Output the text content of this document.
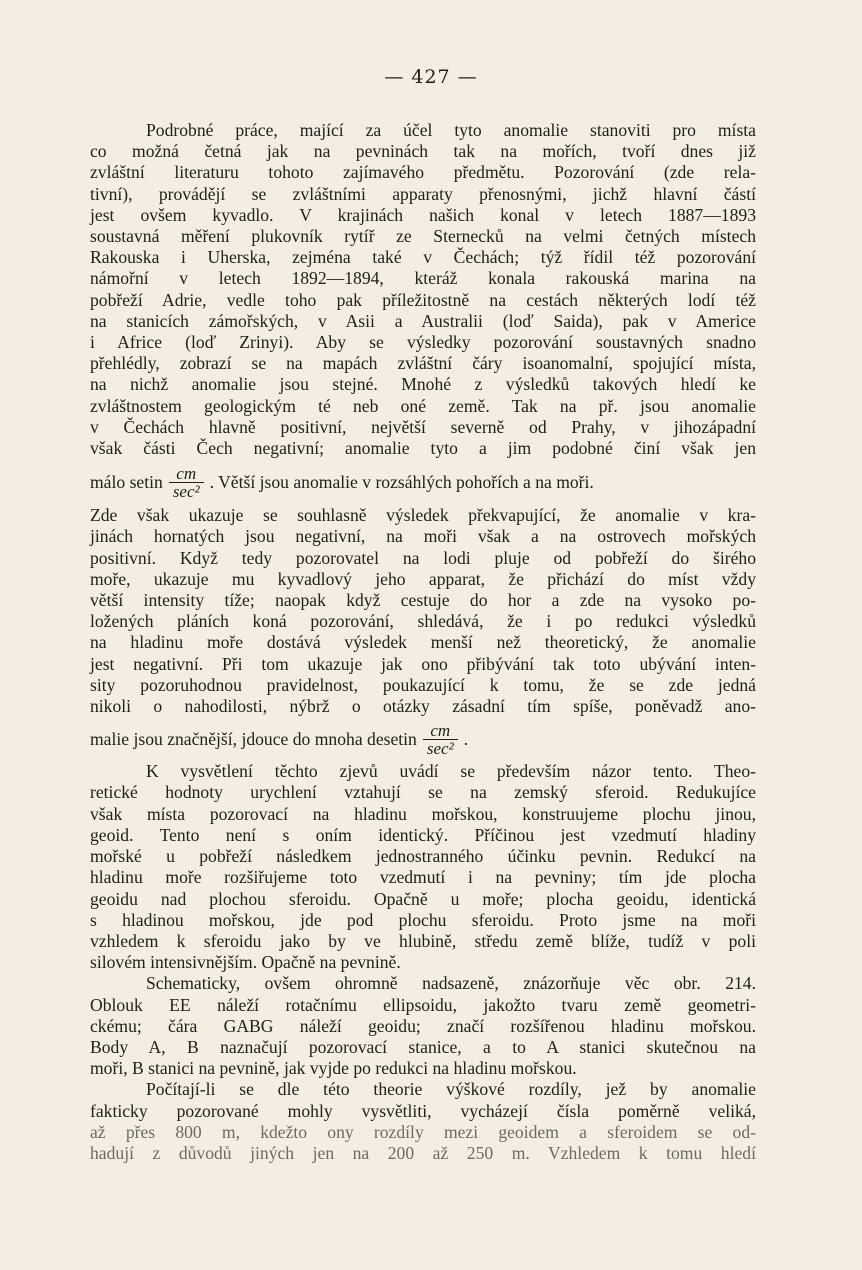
— 427 —
Podrobné práce, mající za účel tyto anomalie stanoviti pro místa
co možná četná jak na pevninách tak na mořích, tvoří dnes již
zvláštní literaturu tohoto zajímavého předmětu. Pozorování (zde rela-
tivní), provádějí se zvláštními apparaty přenosnými, jichž hlavní částí
jest ovšem kyvadlo. V krajinách našich konal v letech 1887—1893
soustavná měření plukovník rytíř ze Sternecků na velmi četných místech
Rakouska i Uherska, zejména také v Čechách; týž řídil též pozorování
námořní v letech 1892—1894, kteráž konala rakouská marina na
pobřeží Adrie, vedle toho pak příležitostně na cestách některých lodí též
na stanicích zámořských, v Asii a Australii (loď Saida), pak v Americe
i Africe (loď Zrinyi). Aby se výsledky pozorování soustavných snadno
přehlédly, zobrazí se na mapách zvláštní čáry isoanomalní, spojující místa,
na nichž anomalie jsou stejné. Mnohé z výsledků takových hledí ke
zvláštnostem geologickým té neb oné země. Tak na př. jsou anomalie
v Čechách hlavně positivní, největší severně od Prahy, v jihozápadní
však části Čech negativní; anomalie tyto a jim podobné činí však jen
málo setin $\frac{cm}{\text{sec²}}$ . Větší jsou anomalie v rozsáhlých pohořích a na moři.
Zde však ukazuje se souhlasně výsledek překvapující, že anomalie v kra-
jinách hornatých jsou negativní, na moři však a na ostrovech mořských
positivní. Když tedy pozorovatel na lodi pluje od pobřeží do širého
moře, ukazuje mu kyvadlový jeho apparat, že přichází do míst vždy
větší intensity tíže; naopak když cestuje do hor a zde na vysoko po-
ložených pláních koná pozorování, shledává, že i po redukci výsledků
na hladinu moře dostává výsledek menší než theoretický, že anomalie
jest negativní. Při tom ukazuje jak ono přibývání tak toto ubývání inten-
sity pozoruhodnou pravidelnost, poukazující k tomu, že se zde jedná
nikoli o nahodilosti, nýbrž o otázky zásadní tím spíše, poněvadž ano-
malie jsou značnější, jdouce do mnoha desetin $\frac{cm}{\text{sec²}}$ .
K vysvětlení těchto zjevů uvádí se především názor tento. Theo-
retické hodnoty urychlení vztahují se na zemský sferoid. Redukujíce
však místa pozorovací na hladinu mořskou, konstruujeme plochu jinou,
geoid. Tento není s oním identický. Příčinou jest vzedmutí hladiny
mořské u pobřeží následkem jednostranného účinku pevnin. Redukcí na
hladinu moře rozšiřujeme toto vzedmutí i na pevniny; tím jde plocha
geoidu nad plochou sferoidu. Opačně u moře; plocha geoidu, identická
s hladinou mořskou, jde pod plochu sferoidu. Proto jsme na moři
vzhledem k sferoidu jako by ve hlubině, středu země blíže, tudíž v poli
silovém intensivnějším. Opačně na pevnině.
Schematicky, ovšem ohromně nadsazeně, znázorňuje věc obr. 214.
Oblouk EE náleží rotačnímu ellipsoidu, jakožto tvaru země geometri-
ckému; čára GABG náleží geoidu; značí rozšířenou hladinu mořskou.
Body A, B naznačují pozorovací stanice, a to A stanici skutečnou na
moři, B stanici na pevnině, jak vyjde po redukci na hladinu mořskou.
Počítají-li se dle této theorie výškové rozdíly, jež by anomalie
fakticky pozorované mohly vysvětliti, vycházejí čísla poměrně veliká,
až přes 800 m, kdežto ony rozdíly mezi geoidem a sferoidem se od-
hadují z důvodů jiných jen na 200 až 250 m. Vzhledem k tomu hledí
